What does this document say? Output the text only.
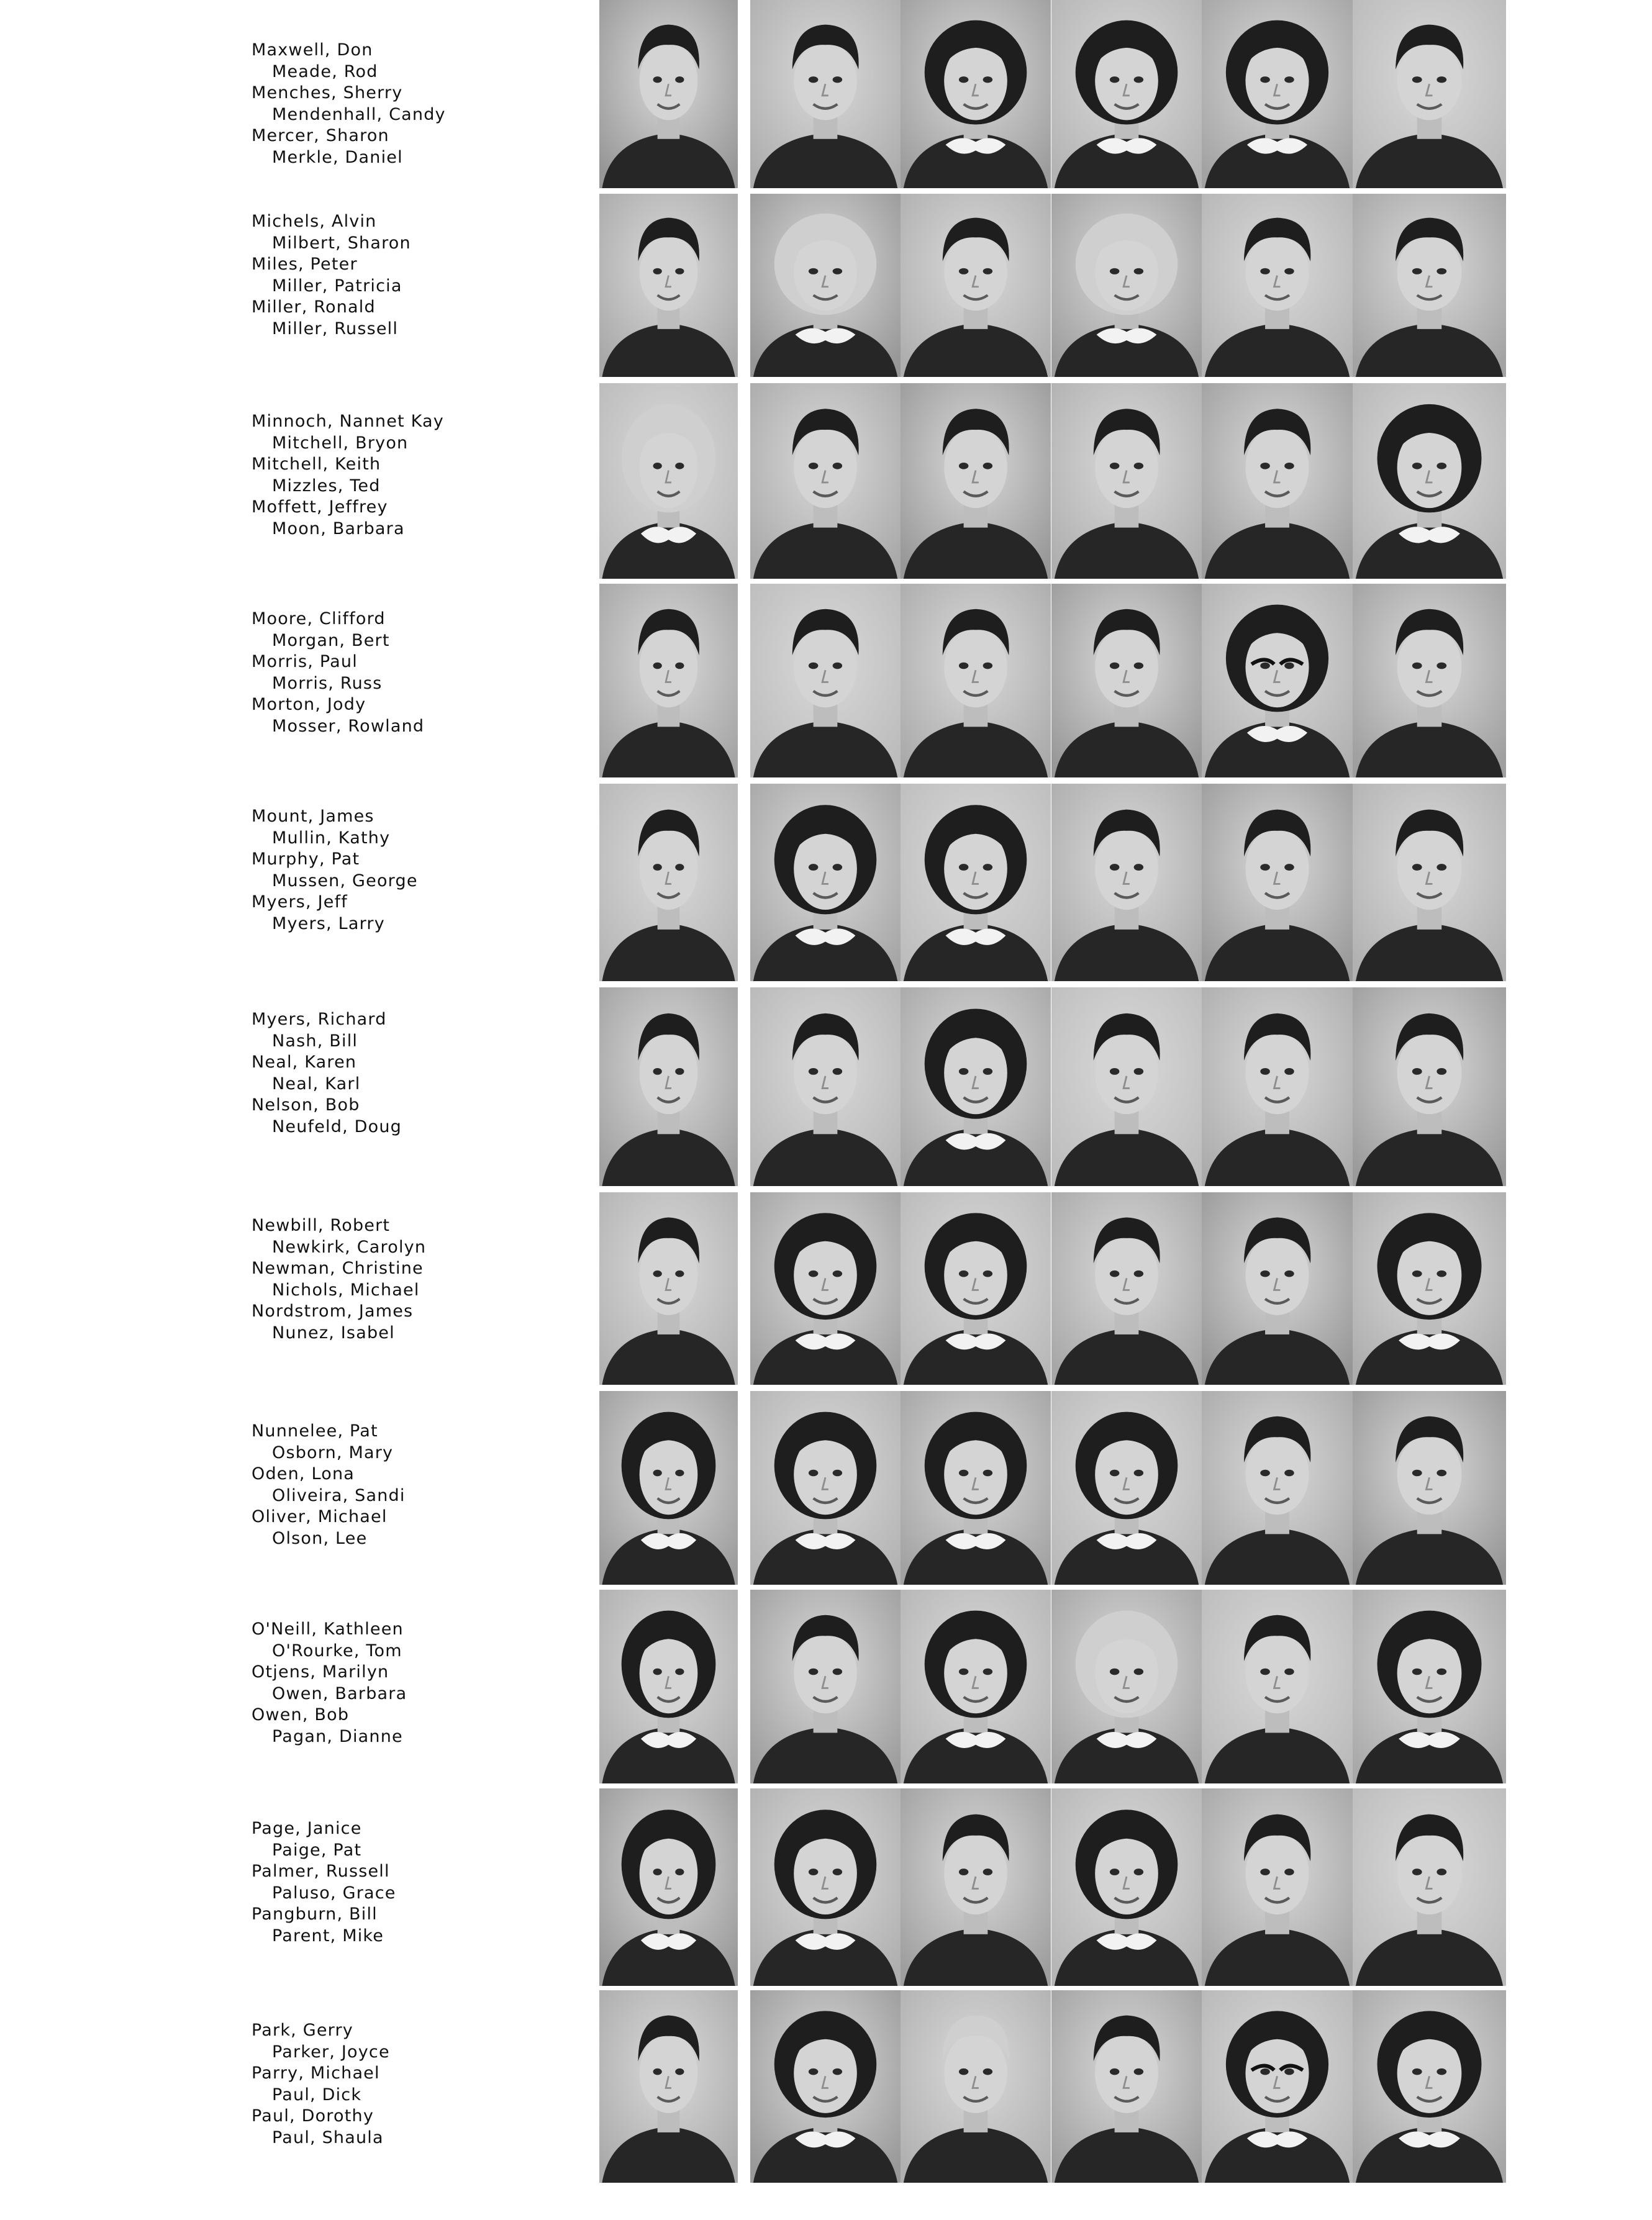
Maxwell, Don
Meade, Rod
Menches, Sherry
Mendenhall, Candy
Mercer, Sharon
Merkle, Daniel
Michels, Alvin
Milbert, Sharon
Miles, Peter
Miller, Patricia
Miller, Ronald
Miller, Russell
Minnoch, Nannet Kay
Mitchell, Bryon
Mitchell, Keith
Mizzles, Ted
Moffett, Jeffrey
Moon, Barbara
Moore, Clifford
Morgan, Bert
Morris, Paul
Morris, Russ
Morton, Jody
Mosser, Rowland
Mount, James
Mullin, Kathy
Murphy, Pat
Mussen, George
Myers, Jeff
Myers, Larry
Myers, Richard
Nash, Bill
Neal, Karen
Neal, Karl
Nelson, Bob
Neufeld, Doug
Newbill, Robert
Newkirk, Carolyn
Newman, Christine
Nichols, Michael
Nordstrom, James
Nunez, Isabel
Nunnelee, Pat
Osborn, Mary
Oden, Lona
Oliveira, Sandi
Oliver, Michael
Olson, Lee
O'Neill, Kathleen
O'Rourke, Tom
Otjens, Marilyn
Owen, Barbara
Owen, Bob
Pagan, Dianne
Page, Janice
Paige, Pat
Palmer, Russell
Paluso, Grace
Pangburn, Bill
Parent, Mike
Park, Gerry
Parker, Joyce
Parry, Michael
Paul, Dick
Paul, Dorothy
Paul, Shaula
